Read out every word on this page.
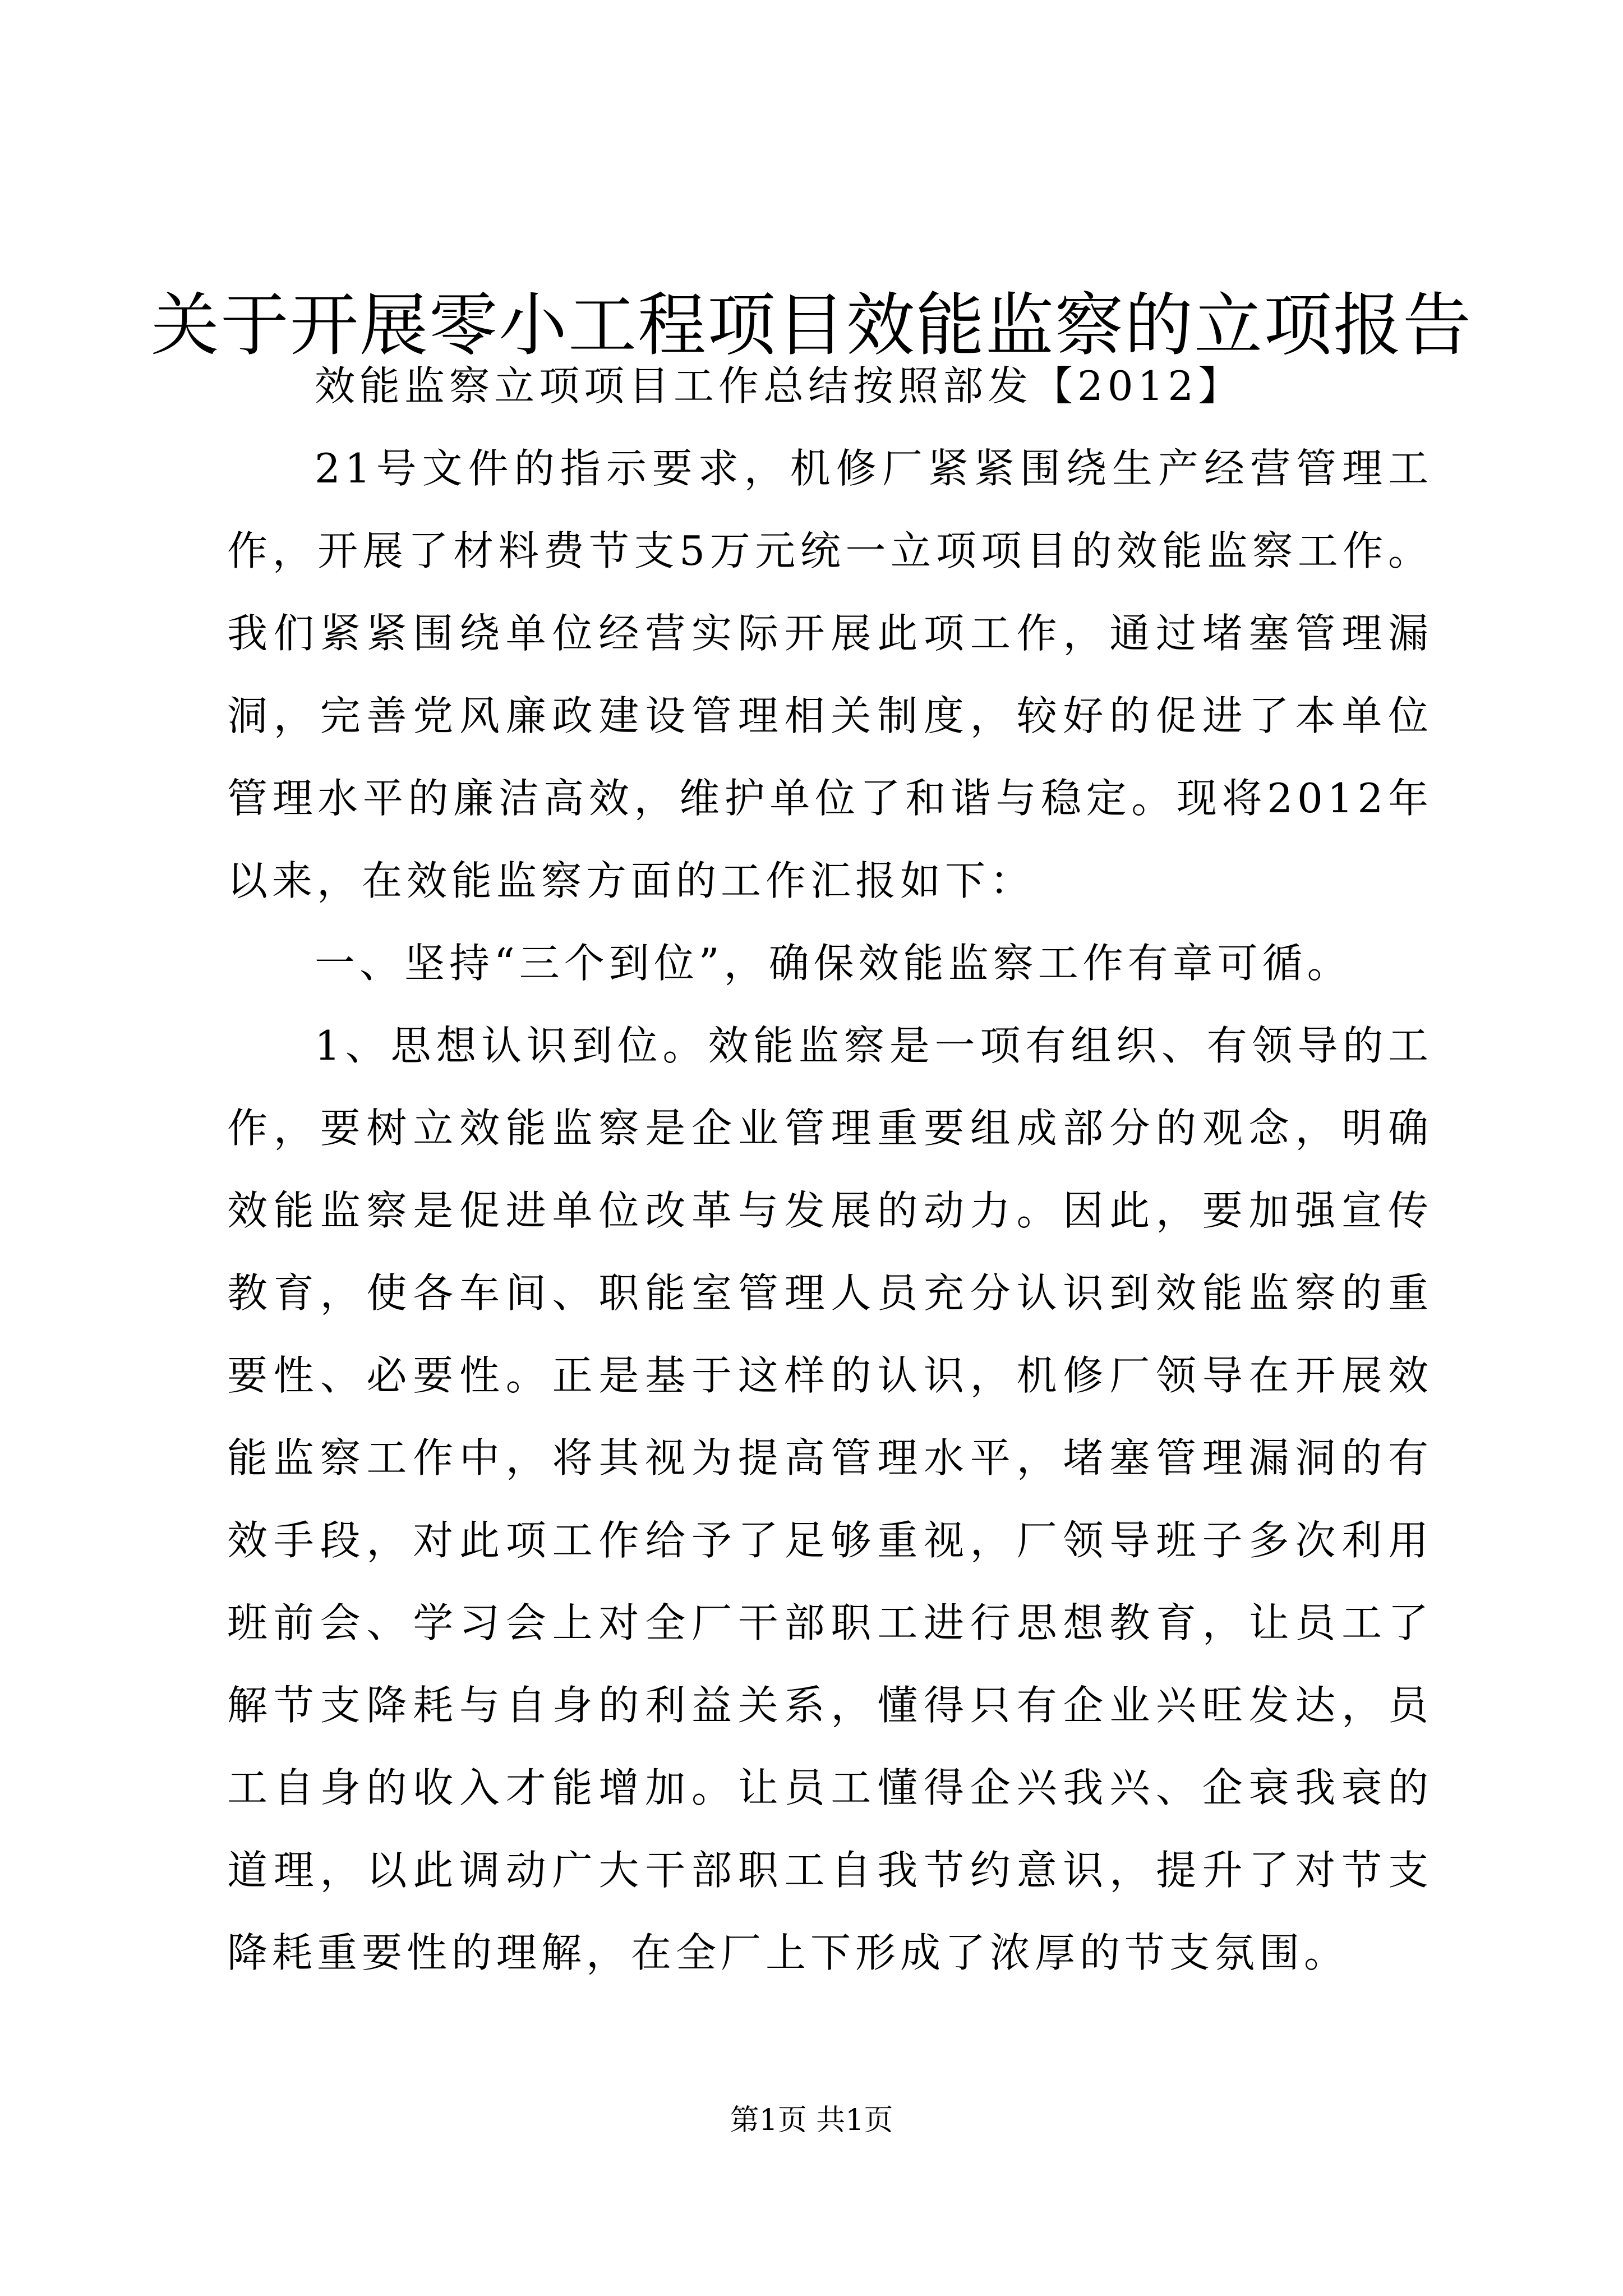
关于开展零小工程项目效能监察的立项报告

效能监察立项项目工作总结按照部发【2012】

21号文件的指示要求，机修厂紧紧围绕生产经营管理工作，开展了材料费节支5万元统一立项项目的效能监察工作。我们紧紧围绕单位经营实际开展此项工作，通过堵塞管理漏洞，完善党风廉政建设管理相关制度，较好的促进了本单位管理水平的廉洁高效，维护单位了和谐与稳定。现将2012年以来，在效能监察方面的工作汇报如下：

一、坚持“三个到位”，确保效能监察工作有章可循。

1、思想认识到位。效能监察是一项有组织、有领导的工作，要树立效能监察是企业管理重要组成部分的观念，明确效能监察是促进单位改革与发展的动力。因此，要加强宣传教育，使各车间、职能室管理人员充分认识到效能监察的重要性、必要性。正是基于这样的认识，机修厂领导在开展效能监察工作中，将其视为提高管理水平，堵塞管理漏洞的有效手段，对此项工作给予了足够重视，厂领导班子多次利用班前会、学习会上对全厂干部职工进行思想教育，让员工了解节支降耗与自身的利益关系，懂得只有企业兴旺发达，员工自身的收入才能增加。让员工懂得企兴我兴、企衰我衰的道理，以此调动广大干部职工自我节约意识，提升了对节支降耗重要性的理解，在全厂上下形成了浓厚的节支氛围。

第1页 共1页
